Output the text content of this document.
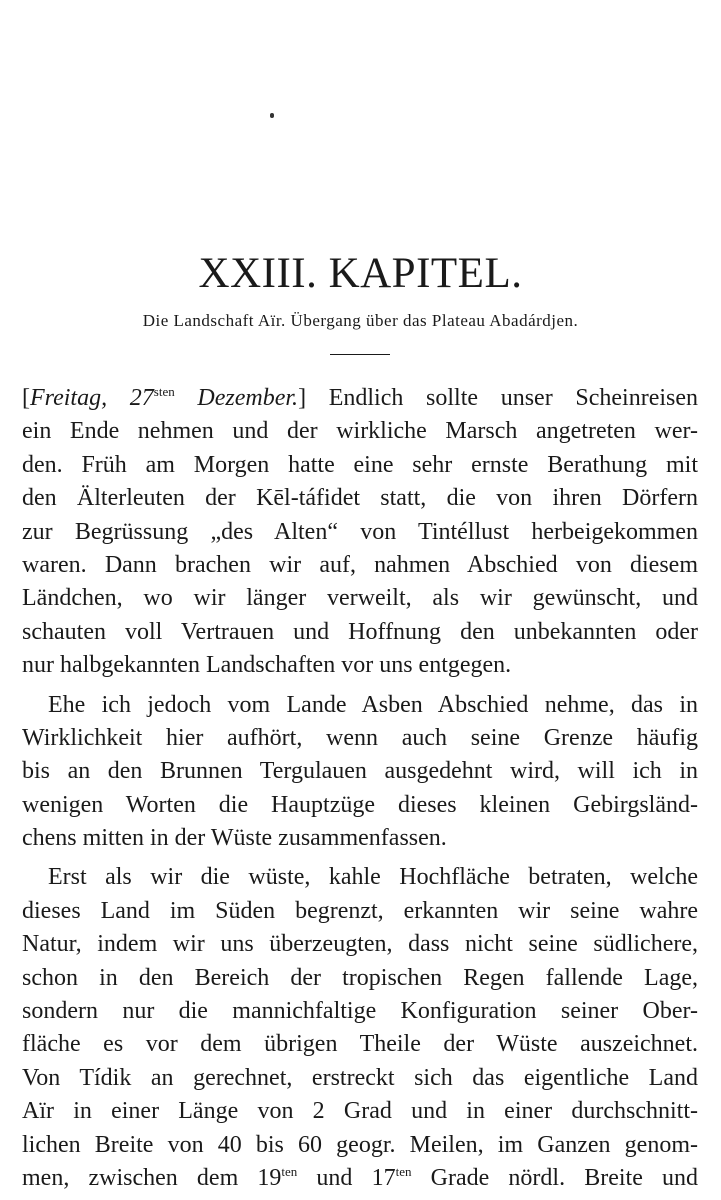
XXIII. KAPITEL.
Die Landschaft Aïr. Übergang über das Plateau Abadárdjen.
[Freitag, $27^{sten}$ Dezember.] Endlich sollte unser Scheinreisen
ein Ende nehmen und der wirkliche Marsch angetreten wer-
den. Früh am Morgen hatte eine sehr ernste Berathung mit
den Älterleuten der Kēl-táfidet statt, die von ihren Dörfern
zur Begrüssung „des Alten“ von Tintéllust herbeigekommen
waren. Dann brachen wir auf, nahmen Abschied von diesem
Ländchen, wo wir länger verweilt, als wir gewünscht, und
schauten voll Vertrauen und Hoffnung den unbekannten oder
nur halbgekannten Landschaften vor uns entgegen.
Ehe ich jedoch vom Lande Asben Abschied nehme, das in
Wirklichkeit hier aufhört, wenn auch seine Grenze häufig
bis an den Brunnen Tergulauen ausgedehnt wird, will ich in
wenigen Worten die Hauptzüge dieses kleinen Gebirgsländ-
chens mitten in der Wüste zusammenfassen.
Erst als wir die wüste, kahle Hochfläche betraten, welche
dieses Land im Süden begrenzt, erkannten wir seine wahre
Natur, indem wir uns überzeugten, dass nicht seine südlichere,
schon in den Bereich der tropischen Regen fallende Lage,
sondern nur die mannichfaltige Konfiguration seiner Ober-
fläche es vor dem übrigen Theile der Wüste auszeichnet.
Von Tídik an gerechnet, erstreckt sich das eigentliche Land
Aïr in einer Länge von 2 Grad und in einer durchschnitt-
lichen Breite von 40 bis 60 geogr. Meilen, im Ganzen genom-
men, zwischen dem $19^{ten}$ und $17^{ten}$ Grade nördl. Breite und
